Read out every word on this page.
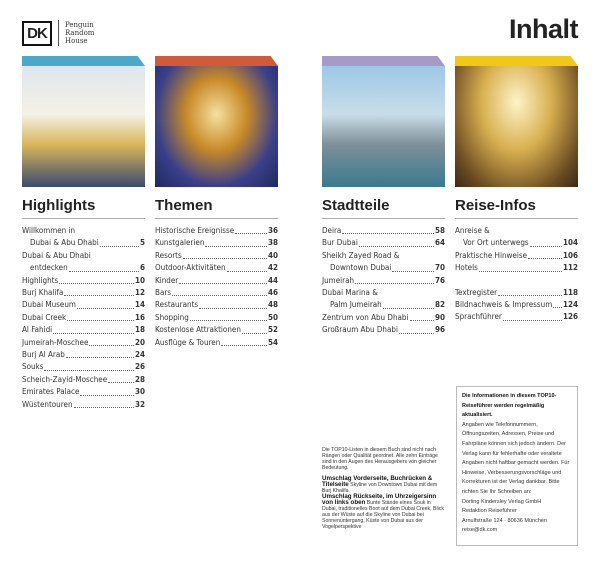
DK	Penguin
Random
House	Inhalt
Highlights
Willkommen in
Dubai & Abu Dhabi	5
Dubai & Abu Dhabi
entdecken	6
Highlights	10
Burj Khalifa	12
Dubai Museum	14
Dubai Creek	16
Al Fahidi	18
Jumeirah-Moschee	20
Burj Al Arab	24
Souks	26
Scheich-Zayid-Moschee	28
Emirates Palace	30
Wüstentouren	32
Themen
Historische Ereignisse	36
Kunstgalerien	38
Resorts	40
Outdoor-Aktivitäten	42
Kinder	44
Bars	46
Restaurants	48
Shopping	50
Kostenlose Attraktionen	52
Ausflüge & Touren	54
Stadtteile
Deira	58
Bur Dubai	64
Sheikh Zayed Road &
Downtown Dubai	70
Jumeirah	76
Dubai Marina &
Palm Jumeirah	82
Zentrum von Abu Dhabi	90
Großraum Abu Dhabi	96
Reise-Infos
Anreise &
Vor Ort unterwegs	104
Praktische Hinweise	106
Hotels	112
Textregister	118
Bildnachweis & Impressum 124
Sprachführer	126

Die TOP10-Listen in diesem Buch sind nicht nach Rängen oder Qualität geordnet. Alle zehn Einträge sind in den Augen des Herausgebers von gleicher Bedeutung.

Umschlag Vorderseite, Buchrücken & Titelseite Skyline von Downtown Dubai mit dem Burj Khalifa
Umschlag Rückseite, im Uhrzeigersinn von links oben Bunte Stände eines Souk in Dubai, traditionelles Boot auf dem Dubai Creek, Blick aus der Wüste auf die Skyline von Dubai bei Sonnenuntergang, Küste von Dubai aus der Vogelperspektive

Die Informationen in diesem TOP10-Reiseführer werden regelmäßig aktualisiert.
Angaben wie Telefonnummern, Öffnungszeiten, Adressen, Preise und Fahrpläne können sich jedoch ändern. Der Verlag kann für fehlerhafte oder veraltete Angaben nicht haftbar gemacht werden. Für Hinweise, Verbesserungsvorschläge und Korrekturen ist der Verlag dankbar. Bitte richten Sie Ihr Schreiben an:
Dorling Kindersley Verlag GmbH
Redaktion Reiseführer
Arnulfstraße 124 · 80636 München
reise@dk.com
